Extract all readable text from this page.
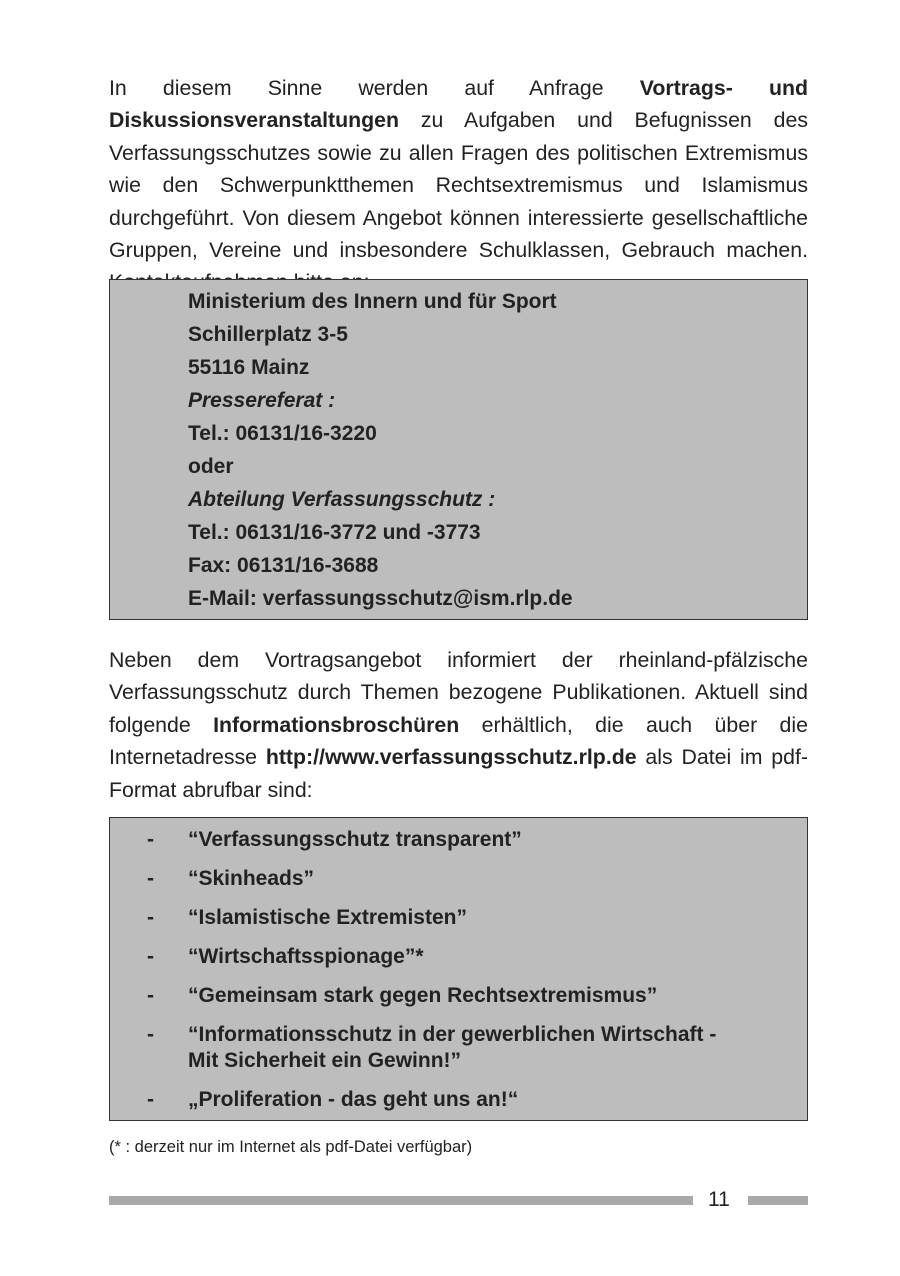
In diesem Sinne werden auf Anfrage Vortrags- und Diskussionsveranstaltungen zu Aufgaben und Befugnissen des Verfassungsschutzes sowie zu allen Fragen des politischen Extremismus wie den Schwerpunktthemen Rechtsextremismus und Islamismus durchgeführt. Von diesem Angebot können interessierte gesellschaftliche Gruppen, Vereine und insbesondere Schulklassen, Gebrauch machen.

Ministerium des Innern und für Sport
Schillerplatz 3-5
55116 Mainz
Pressereferat :
Tel.: 06131/16-3220
oder
Abteilung Verfassungsschutz :
Tel.: 06131/16-3772 und -3773
Fax: 06131/16-3688
E-Mail: verfassungsschutz@ism.rlp.de

Neben dem Vortragsangebot informiert der rheinland-pfälzische Verfassungsschutz durch Themen bezogene Publikationen. Aktuell sind folgende Informationsbroschüren erhältlich, die auch über die Internetadresse http://www.verfassungsschutz.rlp.de als Datei im pdf-Format abrufbar sind:

- “Verfassungsschutz transparent”
- “Skinheads”
- “Islamistische Extremisten”
- “Wirtschaftsspionage”*
- “Gemeinsam stark gegen Rechtsextremismus”
- “Informationsschutz in der gewerblichen Wirtschaft -
Mit Sicherheit ein Gewinn!”
- „Proliferation - das geht uns an!“
(* : derzeit nur im Internet als pdf-Datei verfügbar)
11
